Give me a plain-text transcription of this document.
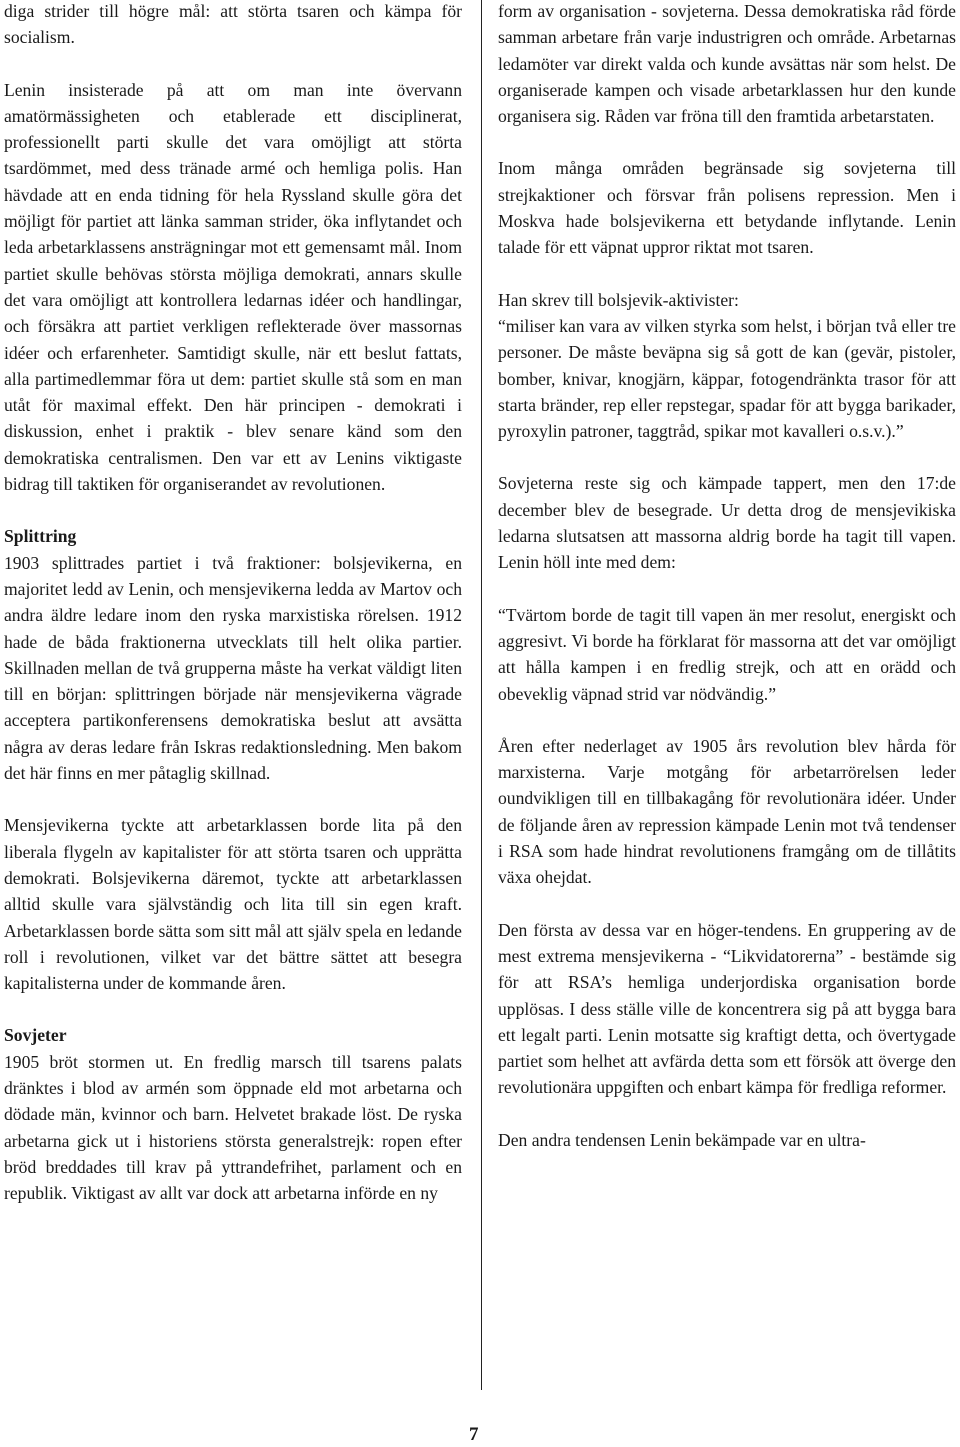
diga strider till högre mål: att störta tsaren och kämpa för socialism.

Lenin insisterade på att om man inte övervann amatörmässigheten och etablerade ett disciplinerat, professionellt parti skulle det vara omöjligt att störta tsardömmet, med dess tränade armé och hemliga polis. Han hävdade att en enda tidning för hela Ryssland skulle göra det möjligt för partiet att länka samman strider, öka inflytandet och leda arbetarklassens ansträgningar mot ett gemensamt mål. Inom partiet skulle behövas största möjliga demokrati, annars skulle det vara omöjligt att kontrollera ledarnas idéer och handlingar, och försäkra att partiet verkligen reflekterade över massornas idéer och erfarenheter. Samtidigt skulle, när ett beslut fattats, alla partimedlemmar föra ut dem: partiet skulle stå som en man utåt för maximal effekt. Den här principen - demokrati i diskussion, enhet i praktik - blev senare känd som den demokratiska centralismen. Den var ett av Lenins viktigaste bidrag till taktiken för organiserandet av revolutionen.

Splittring

1903 splittrades partiet i två fraktioner: bolsjevikerna, en majoritet ledd av Lenin, och mensjevikerna ledda av Martov och andra äldre ledare inom den ryska marxistiska rörelsen. 1912 hade de båda fraktionerna utvecklats till helt olika partier. Skillnaden mellan de två grupperna måste ha verkat väldigt liten till en början: splittringen började när mensjevikerna vägrade acceptera partikonferensens demokratiska beslut att avsätta några av deras ledare från Iskras redaktionsledning. Men bakom det här finns en mer påtaglig skillnad.

Mensjevikerna tyckte att arbetarklassen borde lita på den liberala flygeln av kapitalister för att störta tsaren och upprätta demokrati. Bolsjevikerna däremot, tyckte att arbetarklassen alltid skulle vara självständig och lita till sin egen kraft. Arbetarklassen borde sätta som sitt mål att själv spela en ledande roll i revolutionen, vilket var det bättre sättet att besegra kapitalisterna under de kommande åren.

Sovjeter

1905 bröt stormen ut. En fredlig marsch till tsarens palats dränktes i blod av armén som öppnade eld mot arbetarna och dödade män, kvinnor och barn. Helvetet brakade löst. De ryska arbetarna gick ut i historiens största generalstrejk: ropen efter bröd breddades till krav på yttrandefrihet, parlament och en republik. Viktigast av allt var dock att arbetarna införde en ny

form av organisation - sovjeterna. Dessa demokratiska råd förde samman arbetare från varje industrigren och område. Arbetarnas ledamöter var direkt valda och kunde avsättas när som helst. De organiserade kampen och visade arbetarklassen hur den kunde organisera sig. Råden var fröna till den framtida arbetarstaten.

Inom många områden begränsade sig sovjeterna till strejkaktioner och försvar från polisens repression. Men i Moskva hade bolsjevikerna ett betydande inflytande. Lenin talade för ett väpnat uppror riktat mot tsaren.

Han skrev till bolsjevik-aktivister:

“miliser kan vara av vilken styrka som helst, i början två eller tre personer. De måste beväpna sig så gott de kan (gevär, pistoler, bomber, knivar, knogjärn, käppar, fotogendränkta trasor för att starta bränder, rep eller repstegar, spadar för att bygga barikader, pyroxylin patroner, taggtråd, spikar mot kavalleri o.s.v.).”

Sovjeterna reste sig och kämpade tappert, men den 17:de december blev de besegrade. Ur detta drog de mensjevikiska ledarna slutsatsen att massorna aldrig borde ha tagit till vapen. Lenin höll inte med dem:

“Tvärtom borde de tagit till vapen än mer resolut, energiskt och aggresivt. Vi borde ha förklarat för massorna att det var omöjligt att hålla kampen i en fredlig strejk, och att en orädd och obeveklig väpnad strid var nödvändig.”

Åren efter nederlaget av 1905 års revolution blev hårda för marxisterna. Varje motgång för arbetarrörelsen leder oundvikligen till en tillbakagång för revolutionära idéer. Under de följande åren av repression kämpade Lenin mot två tendenser i RSA som hade hindrat revolutionens framgång om de tillåtits växa ohejdat.

Den första av dessa var en höger-tendens. En gruppering av de mest extrema mensjevikerna - “Likvidatorerna” - bestämde sig för att RSA’s hemliga underjordiska organisation borde upplösas. I dess ställe ville de koncentrera sig på att bygga bara ett legalt parti. Lenin motsatte sig kraftigt detta, och övertygade partiet som helhet att avfärda detta som ett försök att överge den revolutionära uppgiften och enbart kämpa för fredliga reformer.

Den andra tendensen Lenin bekämpade var en ultra-

7
